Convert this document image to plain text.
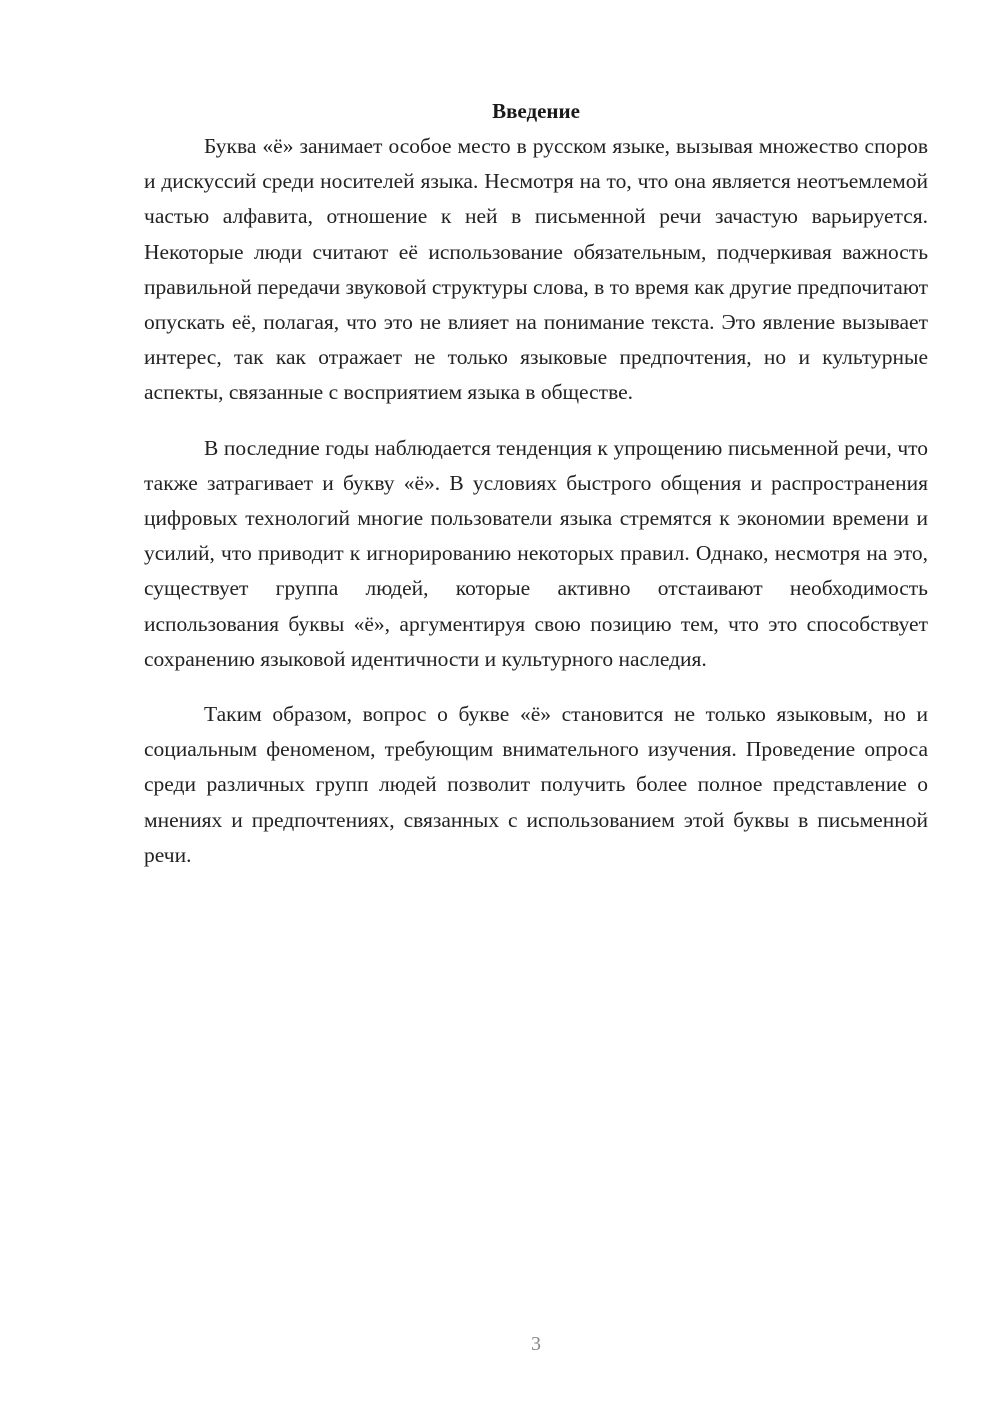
Введение

Буква «ё» занимает особое место в русском языке, вызывая множество споров и дискуссий среди носителей языка. Несмотря на то, что она является неотъемлемой частью алфавита, отношение к ней в письменной речи зачастую варьируется. Некоторые люди считают её использование обязательным, подчеркивая важность правильной передачи звуковой структуры слова, в то время как другие предпочитают опускать её, полагая, что это не влияет на понимание текста. Это явление вызывает интерес, так как отражает не только языковые предпочтения, но и культурные аспекты, связанные с восприятием языка в обществе.

В последние годы наблюдается тенденция к упрощению письменной речи, что также затрагивает и букву «ё». В условиях быстрого общения и распространения цифровых технологий многие пользователи языка стремятся к экономии времени и усилий, что приводит к игнорированию некоторых правил. Однако, несмотря на это, существует группа людей, которые активно отстаивают необходимость использования буквы «ё», аргументируя свою позицию тем, что это способствует сохранению языковой идентичности и культурного наследия.

Таким образом, вопрос о букве «ё» становится не только языковым, но и социальным феноменом, требующим внимательного изучения. Проведение опроса среди различных групп людей позволит получить более полное представление о мнениях и предпочтениях, связанных с использованием этой буквы в письменной речи.

3
